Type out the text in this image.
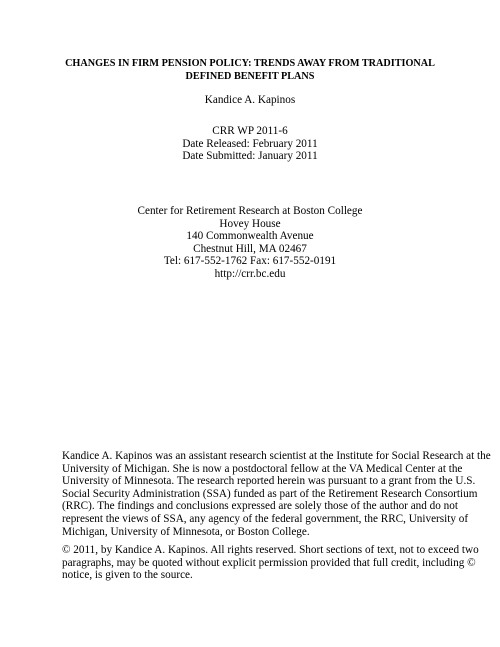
CHANGES IN FIRM PENSION POLICY: TRENDS AWAY FROM TRADITIONAL
DEFINED BENEFIT PLANS
Kandice A. Kapinos
CRR WP 2011-6
Date Released: February 2011
Date Submitted: January 2011
Center for Retirement Research at Boston College
Hovey House
140 Commonwealth Avenue
Chestnut Hill, MA 02467
Tel: 617-552-1762 Fax: 617-552-0191
http://crr.bc.edu
Kandice A. Kapinos was an assistant research scientist at the Institute for Social Research at the
University of Michigan. She is now a postdoctoral fellow at the VA Medical Center at the
University of Minnesota. The research reported herein was pursuant to a grant from the U.S.
Social Security Administration (SSA) funded as part of the Retirement Research Consortium
(RRC). The findings and conclusions expressed are solely those of the author and do not
represent the views of SSA, any agency of the federal government, the RRC, University of
Michigan, University of Minnesota, or Boston College.
© 2011, by Kandice A. Kapinos. All rights reserved. Short sections of text, not to exceed two
paragraphs, may be quoted without explicit permission provided that full credit, including ©
notice, is given to the source.
